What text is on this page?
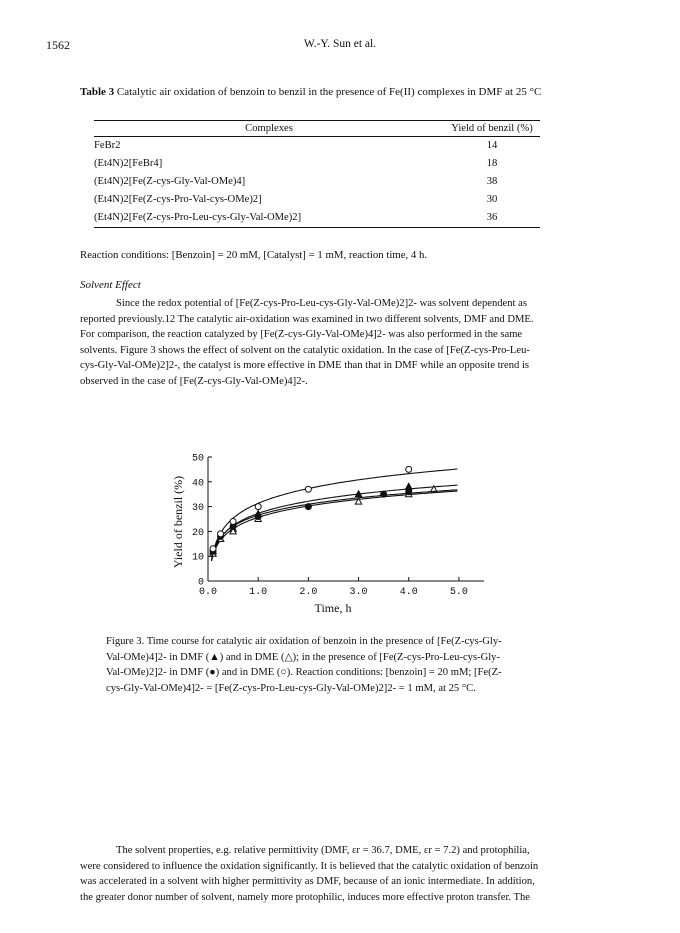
1562	W.-Y. Sun et al.
Table 3 Catalytic air oxidation of benzoin to benzil in the presence of Fe(II) complexes in DMF at 25 °C
Complexes	Yield of benzil (%)
FeBr2	14
(Et4N)2[FeBr4]	18
(Et4N)2[Fe(Z-cys-Gly-Val-OMe)4]	38
(Et4N)2[Fe(Z-cys-Pro-Val-cys-OMe)2]	30
(Et4N)2[Fe(Z-cys-Pro-Leu-cys-Gly-Val-OMe)2]	36
Reaction conditions: [Benzoin] = 20 mM, [Catalyst] = 1 mM, reaction time, 4 h.
Solvent Effect
Since the redox potential of [Fe(Z-cys-Pro-Leu-cys-Gly-Val-OMe)2]2- was solvent dependent as
reported previously.12 The catalytic air-oxidation was examined in two different solvents, DMF and DME.
For comparison, the reaction catalyzed by [Fe(Z-cys-Gly-Val-OMe)4]2- was also performed in the same
solvents. Figure 3 shows the effect of solvent on the catalytic oxidation. In the case of [Fe(Z-cys-Pro-Leu-
cys-Gly-Val-OMe)2]2-, the catalyst is more effective in DME than that in DMF while an opposite trend is
observed in the case of [Fe(Z-cys-Gly-Val-OMe)4]2-.
Yield of benzil (%)
Time, h
0.0	1.0	2.0	3.0	4.0	5.0
0
10
20
30
40
50
Figure 3. Time course for catalytic air oxidation of benzoin in the presence of [Fe(Z-cys-Gly-
Val-OMe)4]2- in DMF (▲) and in DME (△); in the presence of [Fe(Z-cys-Pro-Leu-cys-Gly-
Val-OMe)2]2- in DMF (●) and in DME (○). Reaction conditions: [benzoin] = 20 mM; [Fe(Z-
cys-Gly-Val-OMe)4]2- = [Fe(Z-cys-Pro-Leu-cys-Gly-Val-OMe)2]2- = 1 mM, at 25 °C.
The solvent properties, e.g. relative permittivity (DMF, εr = 36.7, DME, εr = 7.2) and protophilia,
were considered to influence the oxidation significantly. It is believed that the catalytic oxidation of benzoin
was accelerated in a solvent with higher permittivity as DMF, because of an ionic intermediate. In addition,
the greater donor number of solvent, namely more protophilic, induces more effective proton transfer. The
